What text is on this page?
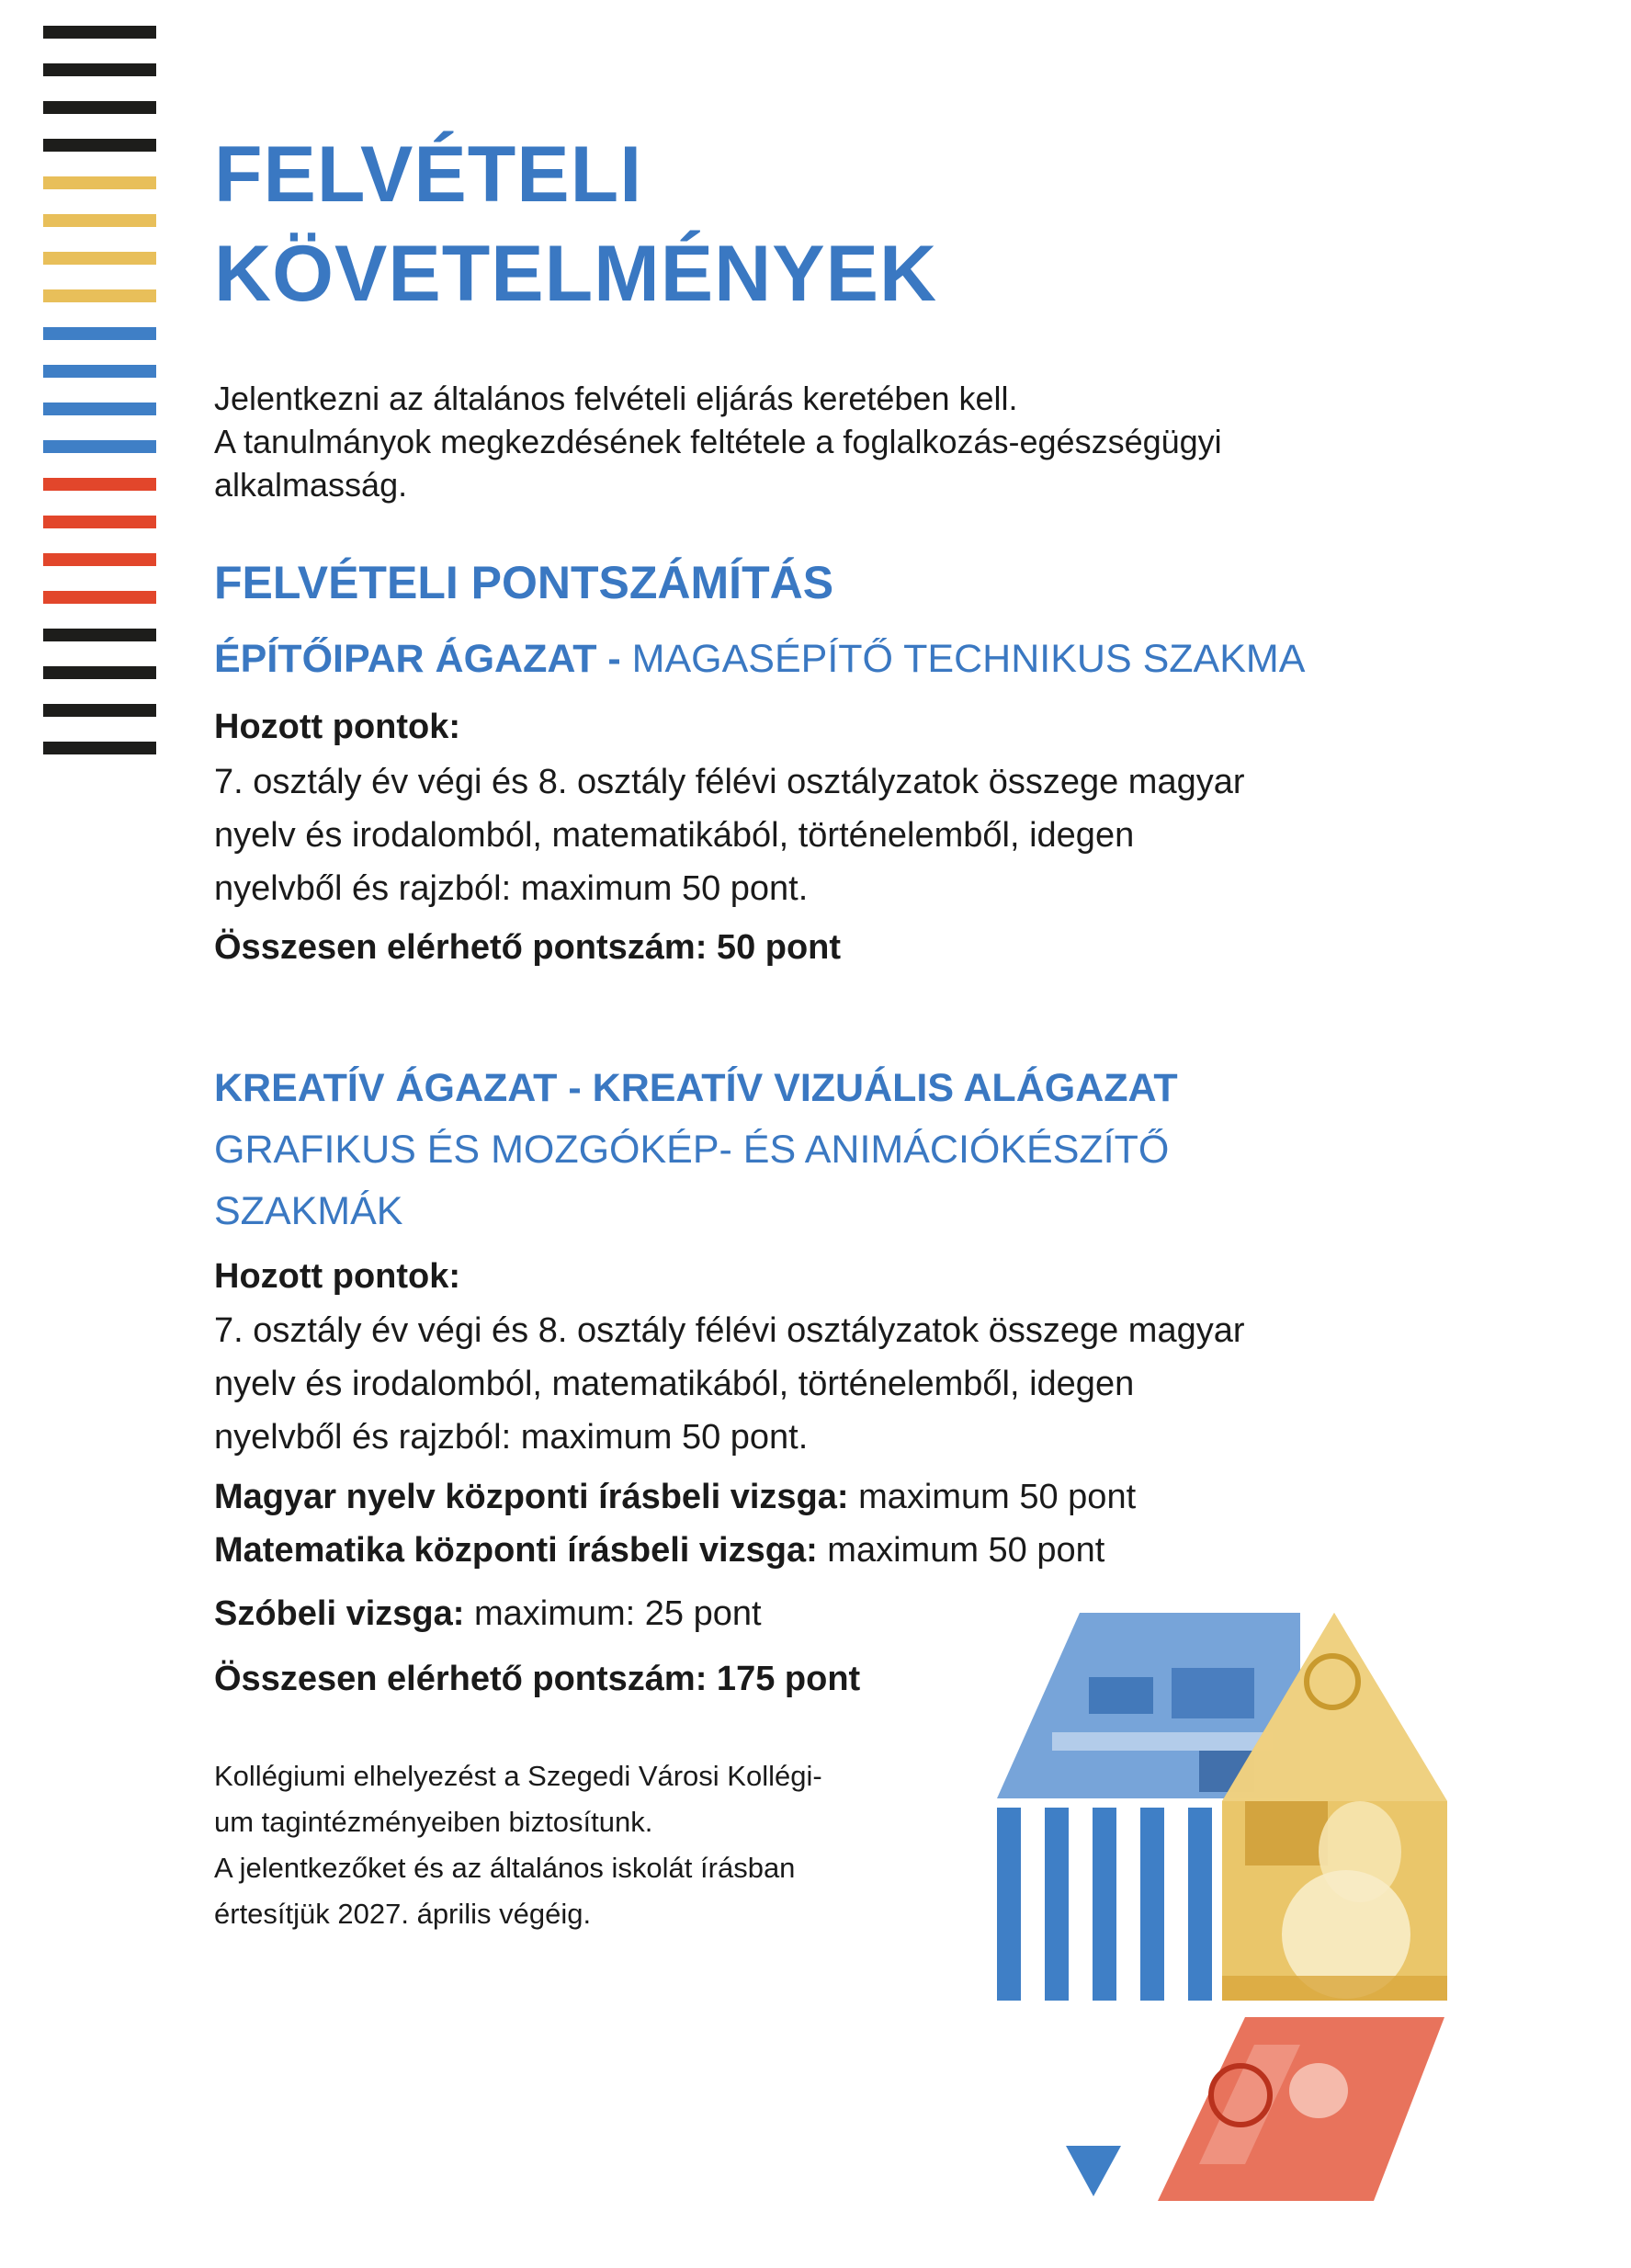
FELVÉTELI
KÖVETELMÉNYEK
Jelentkezni az általános felvételi eljárás keretében kell.
A tanulmányok megkezdésének feltétele a foglalkozás-egészségügyi
alkalmasság.
FELVÉTELI PONTSZÁMÍTÁS
ÉPÍTŐIPAR ÁGAZAT - MAGASÉPÍTŐ TECHNIKUS SZAKMA
Hozott pontok:
7. osztály év végi és 8. osztály félévi osztályzatok összege magyar
nyelv és irodalomból, matematikából, történelemből, idegen
nyelvből és rajzból: maximum 50 pont.
Összesen elérhető pontszám: 50 pont
KREATÍV ÁGAZAT - KREATÍV VIZUÁLIS ALÁGAZAT
GRAFIKUS ÉS MOZGÓKÉP- ÉS ANIMÁCIÓKÉSZÍTŐ
SZAKMÁK
Hozott pontok:
7. osztály év végi és 8. osztály félévi osztályzatok összege magyar
nyelv és irodalomból, matematikából, történelemből, idegen
nyelvből és rajzból: maximum 50 pont.
Magyar nyelv központi írásbeli vizsga: maximum 50 pont
Matematika központi írásbeli vizsga: maximum 50 pont
Szóbeli vizsga: maximum: 25 pont
Összesen elérhető pontszám: 175 pont
Kollégiumi elhelyezést a Szegedi Városi Kollégi-
um tagintézményeiben biztosítunk.
A jelentkezőket és az általános iskolát írásban
értesítjük 2027. április végéig.
